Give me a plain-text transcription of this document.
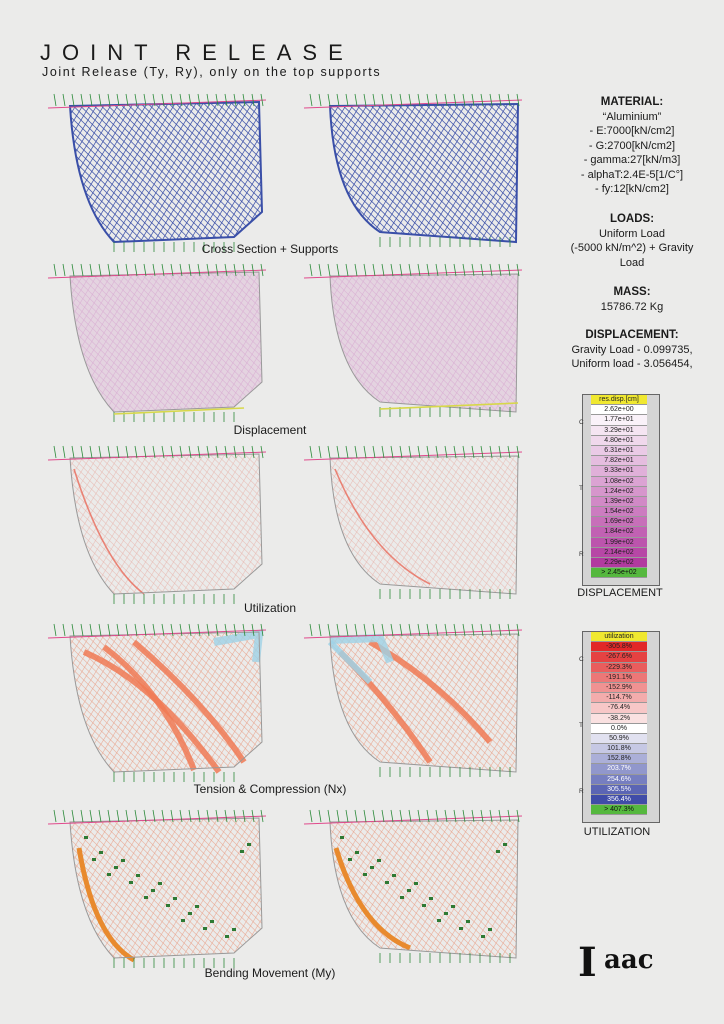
JOINT RELEASE

Joint Release (Ty, Ry), only on the top supports

Cross Section + Supports
Displacement
Utilization
Tension & Compression (Nx)
Bending Movement (My)
MATERIAL:
“Aluminium”
- E:7000[kN/cm2]
- G:2700[kN/cm2]
- gamma:27[kN/m3]
- alphaT:2.4E-5[1/C°]
- fy:12[kN/cm2]
LOADS:
Uniform Load
(-5000 kN/m^2) + Gravity
Load
MASS:
15786.72 Kg
DISPLACEMENT:
Gravity Load - 0.099735,
Uniform load - 3.056454,
C
T
R
res.disp.[cm]
2.62e+00
1.77e+01
3.29e+01
4.80e+01
6.31e+01
7.82e+01
9.33e+01
1.08e+02
1.24e+02
1.39e+02
1.54e+02
1.69e+02
1.84e+02
1.99e+02
2.14e+02
2.29e+02
> 2.45e+02
DISPLACEMENT
C
T
R
utilization
-305.8%
-267.6%
-229.3%
-191.1%
-152.9%
-114.7%
-76.4%
-38.2%
0.0%
50.9%
101.8%
152.8%
203.7%
254.6%
305.5%
356.4%
> 407.3%
UTILIZATION
I aac
